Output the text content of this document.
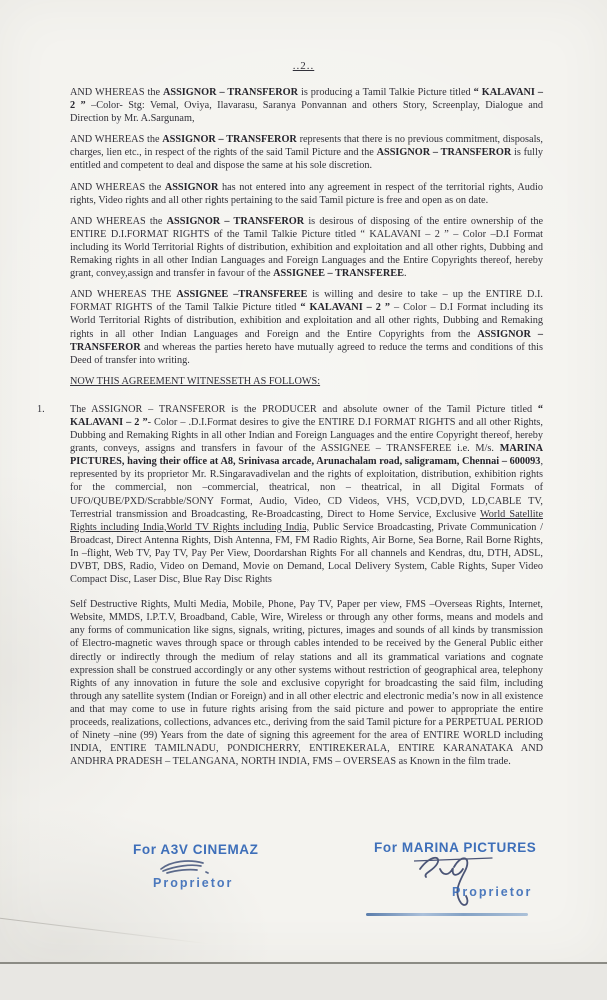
..2..

AND WHEREAS the ASSIGNOR – TRANSFEROR is producing a Tamil Talkie Picture titled “ KALAVANI – 2 ” –Color- Stg: Vemal, Oviya, Ilavarasu, Saranya Ponvannan and others Story, Screenplay, Dialogue and Direction by Mr. A.Sargunam,

AND WHEREAS the ASSIGNOR – TRANSFEROR represents that there is no previous commitment, disposals, charges, lien etc., in respect of the rights of the said Tamil Picture and the ASSIGNOR – TRANSFEROR is fully entitled and competent to deal and dispose the same at his sole discretion.

AND WHEREAS the ASSIGNOR has not entered into any agreement in respect of the territorial rights, Audio rights, Video rights and all other rights pertaining to the said Tamil picture is free and open as on date.

AND WHEREAS the ASSIGNOR – TRANSFEROR is desirous of disposing of the entire ownership of the ENTIRE D.I.FORMAT RIGHTS of the Tamil Talkie Picture titled “ KALAVANI – 2 ” – Color –D.I Format including its World Territorial Rights of distribution, exhibition and exploitation and all other rights, Dubbing and Remaking rights in all other Indian Languages and Foreign Languages and the Entire Copyrights thereof, hereby grant, convey,assign and transfer in favour of the ASSIGNEE – TRANSFEREE.

AND WHEREAS THE ASSIGNEE –TRANSFEREE is willing and desire to take – up the ENTIRE D.I. FORMAT RIGHTS of the Tamil Talkie Picture titled “ KALAVANI – 2 ” – Color – D.I Format including its World Territorial Rights of distribution, exhibition and exploitation and all other rights, Dubbing and Remaking rights in all other Indian Languages and Foreign and the Entire Copyrights from the ASSIGNOR – TRANSFEROR and whereas the parties hereto have mutually agreed to reduce the terms and conditions of this Deed of transfer into writing.

NOW THIS AGREEMENT WITNESSETH AS FOLLOWS:

1. The ASSIGNOR – TRANSFEROR is the PRODUCER and absolute owner of the Tamil Picture titled “ KALAVANI – 2 ”- Color – .D.I.Format desires to give the ENTIRE D.I FORMAT RIGHTS and all other Rights, Dubbing and Remaking Rights in all other Indian and Foreign Languages and the entire Copyright thereof, hereby grants, conveys, assigns and transfers in favour of the ASSIGNEE – TRANSFEREE i.e. M/s. MARINA PICTURES, having their office at A8, Srinivasa arcade, Arunachalam road, saligramam, Chennai – 600093, represented by its proprietor Mr. R.Singaravadivelan and the rights of exploitation, distribution, exhibition rights for the commercial, non –commercial, theatrical, non – theatrical, in all Digital Formats of UFO/QUBE/PXD/Scrabble/SONY Format, Audio, Video, CD Videos, VHS, VCD,DVD, LD,CABLE TV, Terrestrial transmission and Broadcasting, Re-Broadcasting, Direct to Home Service, Exclusive World Satellite Rights including India,World TV Rights including India, Public Service Broadcasting, Private Communication / Broadcast, Direct Antenna Rights, Dish Antenna, FM, FM Radio Rights, Air Borne, Sea Borne, Rail Borne Rights, In –flight, Web TV, Pay TV, Pay Per View, Doordarshan Rights For all channels and Kendras, dtu, DTH, ADSL, DVBT, DBS, Radio, Video on Demand, Movie on Demand, Local Delivery System, Cable Rights, Super Video Compact Disc, Laser Disc, Blue Ray Disc Rights

Self Destructive Rights, Multi Media, Mobile, Phone, Pay TV, Paper per view, FMS –Overseas Rights, Internet, Website, MMDS, I.P.T.V, Broadband, Cable, Wire, Wireless or through any other forms, means and models and any forms of communication like signs, signals, writing, pictures, images and sounds of all kinds by transmission of Electro-magnetic waves through space or through cables intended to be received by the General Public either directly or indirectly through the medium of relay stations and all its grammatical variations and cognate expression shall be construed accordingly or any other systems without restriction of geographical area, telephony Rights of any innovation in future the sole and exclusive copyright for broadcasting the said film, including through any satellite system (Indian or Foreign) and in all other electric and electronic media’s now in all existence and that may come to use in future rights arising from the said picture and power to appropriate the entire proceeds, realizations, collections, advances etc., deriving from the said Tamil picture for a PERPETUAL PERIOD of Ninety –nine (99) Years from the date of signing this agreement for the area of ENTIRE WORLD including INDIA, ENTIRE TAMILNADU, PONDICHERRY, ENTIREKERALA, ENTIRE KARANATAKA AND ANDHRA PRADESH – TELANGANA, NORTH INDIA, FMS – OVERSEAS as Known in the film trade.

For A3V CINEMAZ
Proprietor
For MARINA PICTURES
Proprietor
